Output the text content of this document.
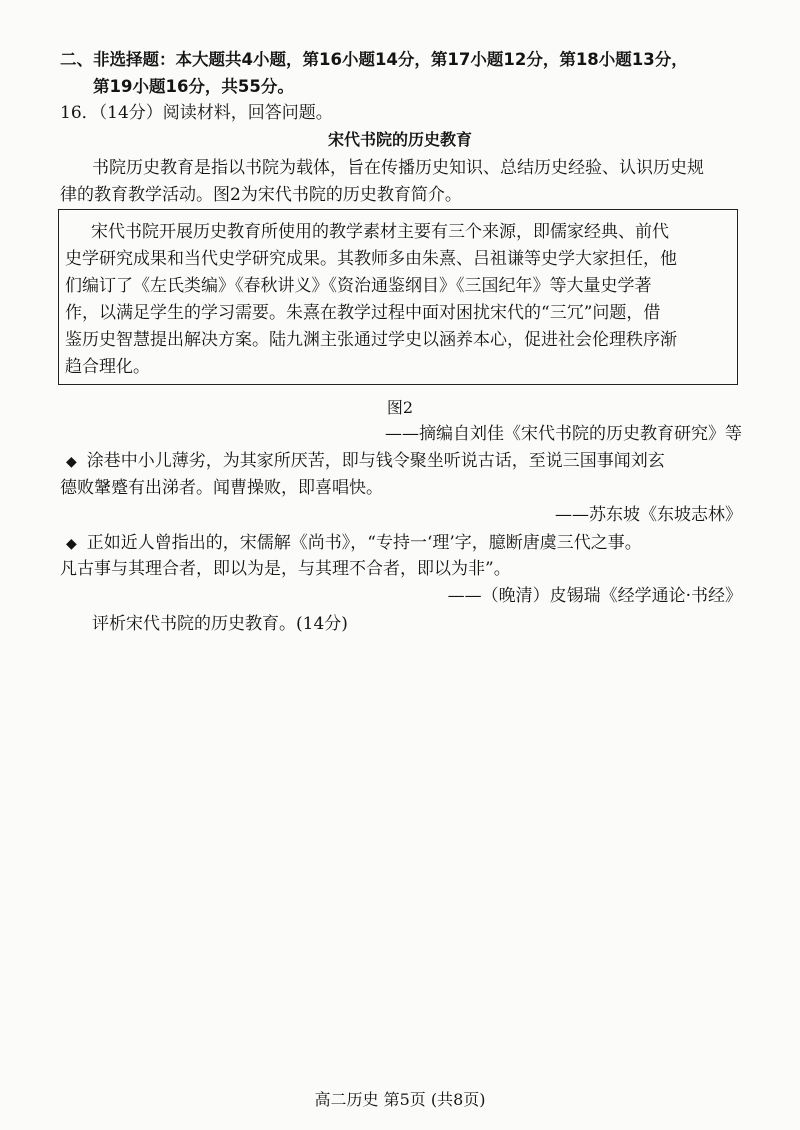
二、非选择题：本大题共4小题，第16小题14分，第17小题12分，第18小题13分，
第19小题16分，共55分。
16．（14分）阅读材料，回答问题。
宋代书院的历史教育
书院历史教育是指以书院为载体，旨在传播历史知识、总结历史经验、认识历史规
律的教育教学活动。图2为宋代书院的历史教育简介。
宋代书院开展历史教育所使用的教学素材主要有三个来源，即儒家经典、前代
史学研究成果和当代史学研究成果。其教师多由朱熹、吕祖谦等史学大家担任，他
们编订了《左氏类编》《春秋讲义》《资治通鉴纲目》《三国纪年》等大量史学著
作，以满足学生的学习需要。朱熹在教学过程中面对困扰宋代的“三冗”问题，借
鉴历史智慧提出解决方案。陆九渊主张通过学史以涵养本心，促进社会伦理秩序渐
趋合理化。
图2
——摘编自刘佳《宋代书院的历史教育研究》等
◆ 涂巷中小儿薄劣，为其家所厌苦，即与钱令聚坐听说古话，至说三国事闻刘玄
德败鞶蹙有出涕者。闻曹操败，即喜唱快。
——苏东坡《东坡志林》
◆ 正如近人曾指出的，宋儒解《尚书》，“专持一‘理’字，臆断唐虞三代之事。
凡古事与其理合者，即以为是，与其理不合者，即以为非”。
——（晚清）皮锡瑞《经学通论·书经》
评析宋代书院的历史教育。(14分)
高二历史 第5页 (共8页)
